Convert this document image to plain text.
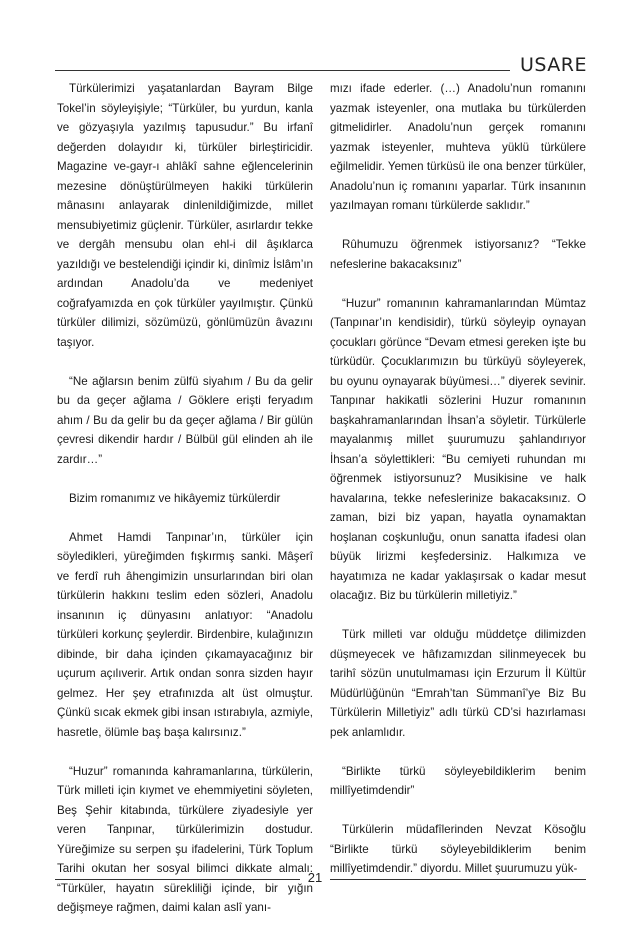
USARE

Türkülerimizi yaşatanlardan Bayram Bilge Tokel’in söyleyişiyle; “Türküler, bu yurdun, kanla ve gözyaşıyla yazılmış tapusudur.” Bu irfanî değerden dolayıdır ki, türküler birleştiricidir. Magazine ve-gayr-ı ahlâkî sahne eğlencelerinin mezesine dönüştürülmeyen hakiki türkülerin mânasını anlayarak dinlenildiğimizde, millet mensubiyetimiz güçlenir. Türküler, asırlardır tekke ve dergâh mensubu olan ehl-i dil âşıklarca yazıldığı ve bestelendiği içindir ki, dinîmiz İslâm’ın ardından Anadolu’da ve medeniyet coğrafyamızda en çok türküler yayılmıştır. Çünkü türküler dilimizi, sözümüzü, gönlümüzün âvazını taşıyor.

“Ne ağlarsın benim zülfü siyahım / Bu da gelir bu da geçer ağlama / Göklere erişti feryadım ahım / Bu da gelir bu da geçer ağlama / Bir gülün çevresi dikendir hardır / Bülbül gül elinden ah ile zardır…”

Bizim romanımız ve hikâyemiz türkülerdir

Ahmet Hamdi Tanpınar’ın, türküler için söyledikleri, yüreğimden fışkırmış sanki. Mâşerî ve ferdî ruh âhengimizin unsurlarından biri olan türkülerin hakkını teslim eden sözleri, Anadolu insanının iç dünyasını anlatıyor: “Anadolu türküleri korkunç şeylerdir. Birdenbire, kulağınızın dibinde, bir daha içinden çıkamayacağınız bir uçurum açılıverir. Artık ondan sonra sizden hayır gelmez. Her şey etrafınızda alt üst olmuştur. Çünkü sıcak ekmek gibi insan ıstırabıyla, azmiyle, hasretle, ölümle baş başa kalırsınız.”

“Huzur” romanında kahramanlarına, türkülerin, Türk milleti için kıymet ve ehemmiyetini söyleten, Beş Şehir kitabında, türkülere ziyadesiyle yer veren Tanpınar, türkülerimizin dostudur. Yüreğimize su serpen şu ifadelerini, Türk Toplum Tarihi okutan her sosyal bilimci dikkate almalı: “Türküler, hayatın sürekliliği içinde, bir yığın değişmeye rağmen, daimi kalan aslî yanı-

mızı ifade ederler. (…) Anadolu’nun romanını yazmak isteyenler, ona mutlaka bu türkülerden gitmelidirler. Anadolu’nun gerçek romanını yazmak isteyenler, muhteva yüklü türkülere eğilmelidir. Yemen türküsü ile ona benzer türküler, Anadolu’nun iç romanını yaparlar. Türk insanının yazılmayan romanı türkülerde saklıdır.”

Rûhumuzu öğrenmek istiyorsanız? “Tekke nefeslerine bakacaksınız”

“Huzur” romanının kahramanlarından Mümtaz (Tanpınar’ın kendisidir), türkü söyleyip oynayan çocukları görünce “Devam etmesi gereken işte bu türküdür. Çocuklarımızın bu türküyü söyleyerek, bu oyunu oynayarak büyümesi…” diyerek sevinir. Tanpınar hakikatli sözlerini Huzur romanının başkahramanlarından İhsan’a söyletir. Türkülerle mayalanmış millet şuurumuzu şahlandırıyor İhsan’a söylettikleri: “Bu cemiyeti ruhundan mı öğrenmek istiyorsunuz? Musikisine ve halk havalarına, tekke nefeslerinize bakacaksınız. O zaman, bizi biz yapan, hayatla oynamaktan hoşlanan coşkunluğu, onun sanatta ifadesi olan büyük lirizmi keşfedersiniz. Halkımıza ve hayatımıza ne kadar yaklaşırsak o kadar mesut olacağız. Biz bu türkülerin milletiyiz.”

Türk milleti var olduğu müddetçe dilimizden düşmeyecek ve hâfızamızdan silinmeyecek bu tarihî sözün unutulmaması için Erzurum İl Kültür Müdürlüğünün “Emrah’tan Sümmanî’ye Biz Bu Türkülerin Milletiyiz” adlı türkü CD’si hazırlaması pek anlamlıdır.

“Birlikte türkü söyleyebildiklerim benim millîyetimdendir”

Türkülerin müdafîlerinden Nevzat Kösoğlu “Birlikte türkü söyleyebildiklerim benim millîyetimdendir.” diyordu. Millet şuurumuzu yük-

21
